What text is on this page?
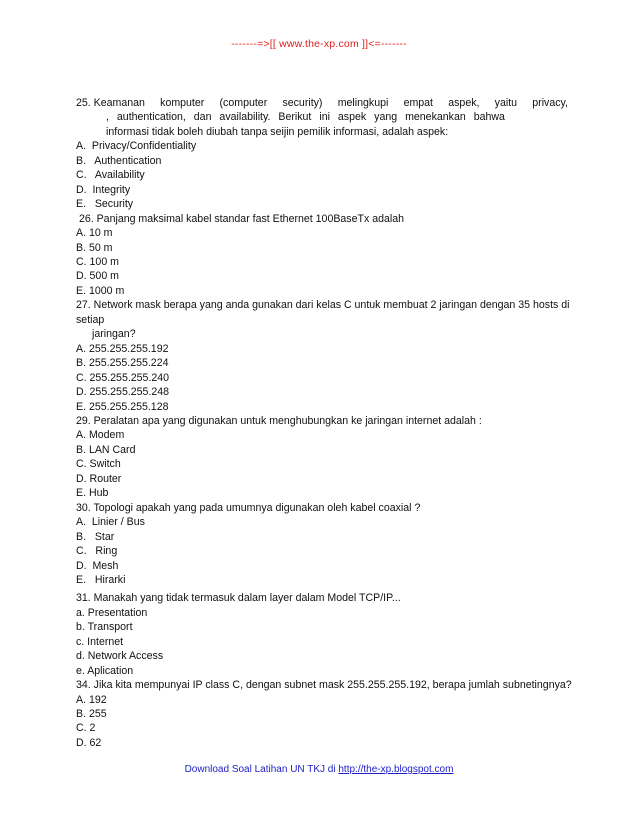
-------=>[[ www.the-xp.com ]]<=-------
25. Keamanan komputer (computer security) melingkupi empat aspek, yaitu privacy,
, authentication, dan availability. Berikut ini aspek yang menekankan bahwa
informasi tidak boleh diubah tanpa seijin pemilik informasi, adalah aspek:
A.  Privacy/Confidentiality
B.   Authentication
C.   Availability
D.  Integrity
E.   Security
26. Panjang maksimal kabel standar fast Ethernet 100BaseTx adalah
A. 10 m
B. 50 m
C. 100 m
D. 500 m
E. 1000 m
27. Network mask berapa yang anda gunakan dari kelas C untuk membuat 2 jaringan dengan 35 hosts di
setiap
jaringan?
A. 255.255.255.192
B. 255.255.255.224
C. 255.255.255.240
D. 255.255.255.248
E. 255.255.255.128
29. Peralatan apa yang digunakan untuk menghubungkan ke jaringan internet adalah :
A. Modem
B. LAN Card
C. Switch
D. Router
E. Hub
30. Topologi apakah yang pada umumnya digunakan oleh kabel coaxial ?
A.  Linier / Bus
B.   Star
C.   Ring
D.  Mesh
E.   Hirarki
31. Manakah yang tidak termasuk dalam layer dalam Model TCP/IP...
a. Presentation
b. Transport
c. Internet
d. Network Access
e. Aplication
34. Jika kita mempunyai IP class C, dengan subnet mask 255.255.255.192, berapa jumlah subnetingnya?
A. 192
B. 255
C. 2
D. 62
Download Soal Latihan UN TKJ di http://the-xp.blogspot.com
